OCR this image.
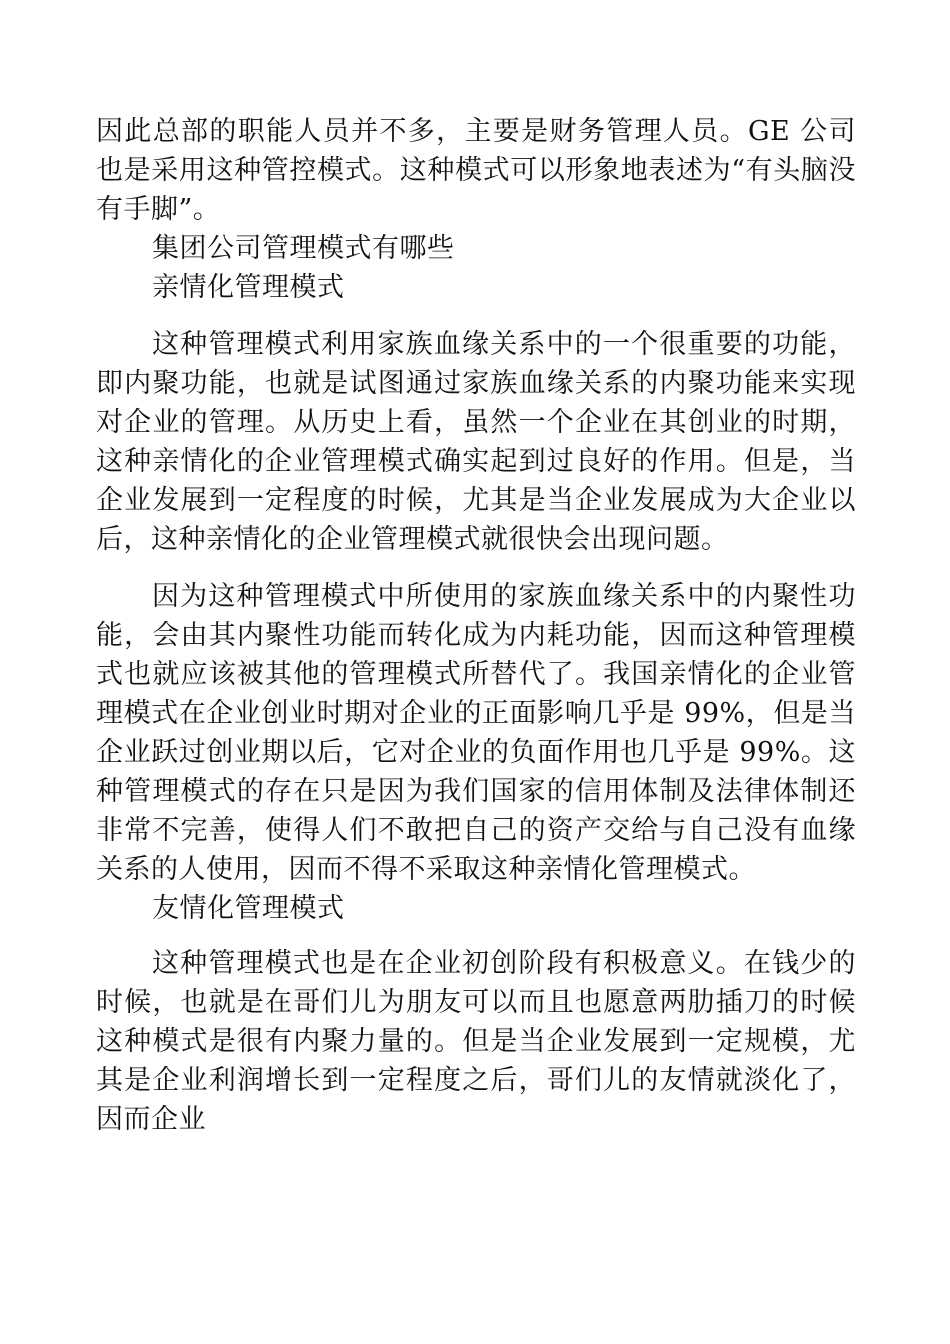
因此总部的职能人员并不多，主要是财务管理人员。GE 公司也是采用这种管控模式。这种模式可以形象地表述为“有头脑没有手脚”。

集团公司管理模式有哪些

亲情化管理模式

这种管理模式利用家族血缘关系中的一个很重要的功能，即内聚功能，也就是试图通过家族血缘关系的内聚功能来实现对企业的管理。从历史上看，虽然一个企业在其创业的时期，这种亲情化的企业管理模式确实起到过良好的作用。但是，当企业发展到一定程度的时候，尤其是当企业发展成为大企业以后，这种亲情化的企业管理模式就很快会出现问题。

因为这种管理模式中所使用的家族血缘关系中的内聚性功能，会由其内聚性功能而转化成为内耗功能，因而这种管理模式也就应该被其他的管理模式所替代了。我国亲情化的企业管理模式在企业创业时期对企业的正面影响几乎是 99%，但是当企业跃过创业期以后，它对企业的负面作用也几乎是 99%。这种管理模式的存在只是因为我们国家的信用体制及法律体制还非常不完善，使得人们不敢把自己的资产交给与自己没有血缘关系的人使用，因而不得不采取这种亲情化管理模式。

友情化管理模式

这种管理模式也是在企业初创阶段有积极意义。在钱少的时候，也就是在哥们儿为朋友可以而且也愿意两肋插刀的时候这种模式是很有内聚力量的。但是当企业发展到一定规模，尤其是企业利润增长到一定程度之后，哥们儿的友情就淡化了，因而企业
